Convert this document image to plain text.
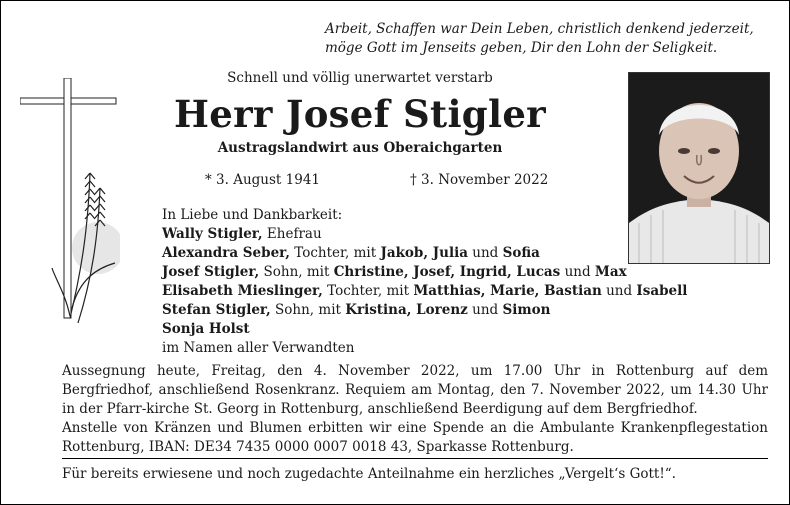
Arbeit, Schaffen war Dein Leben, christlich denkend jederzeit,
möge Gott im Jenseits geben, Dir den Lohn der Seligkeit.
Schnell und völlig unerwartet verstarb
Herr Josef Stigler
Austragslandwirt aus Oberaichgarten
* 3. August 1941	† 3. November 2022
In Liebe und Dankbarkeit:
Wally Stigler, Ehefrau
Alexandra Seber, Tochter, mit Jakob, Julia und Sofia
Josef Stigler, Sohn, mit Christine, Josef, Ingrid, Lucas und Max
Elisabeth Mieslinger, Tochter, mit Matthias, Marie, Bastian und Isabell
Stefan Stigler, Sohn, mit Kristina, Lorenz und Simon
Sonja Holst
im Namen aller Verwandten
Aussegnung heute, Freitag, den 4. November 2022, um 17.00 Uhr in Rottenburg auf dem Bergfriedhof, anschließend Rosenkranz. Requiem am Montag, den 7. November 2022, um 14.30 Uhr in der Pfarr-kirche St. Georg in Rottenburg, anschließend Beerdigung auf dem Bergfriedhof.
Anstelle von Kränzen und Blumen erbitten wir eine Spende an die Ambulante Krankenpflegestation Rottenburg, IBAN: DE34 7435 0000 0007 0018 43, Sparkasse Rottenburg.
Für bereits erwiesene und noch zugedachte Anteilnahme ein herzliches „Vergelt‘s Gott!“.
